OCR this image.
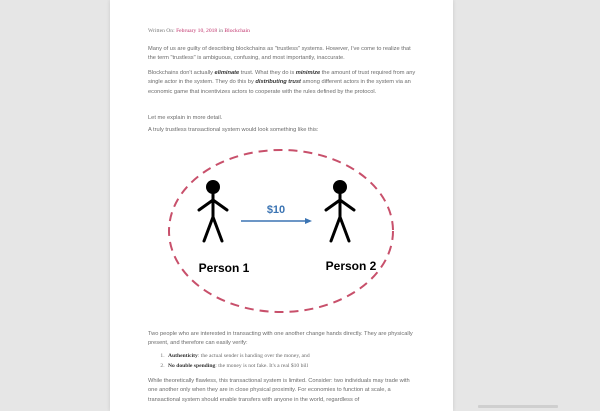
Written On: February 10, 2018 in Blockchain

Many of us are guilty of describing blockchains as "trustless" systems. However, I've come to realize that the term "trustless" is ambiguous, confusing, and most importantly, inaccurate.

Blockchains don't actually eliminate trust. What they do is minimize the amount of trust required from any single actor in the system. They do this by distributing trust among different actors in the system via an economic game that incentivizes actors to cooperate with the rules defined by the protocol.

Let me explain in more detail.

A truly trustless transactional system would look something like this:

$10
Person 1	Person 2

Two people who are interested in transacting with one another change hands directly. They are physically present, and therefore can easily verify:

1. Authenticity: the actual sender is handing over the money, and
2. No double spending: the money is not fake. It's a real $10 bill

While theoretically flawless, this transactional system is limited. Consider: two individuals may trade with one another only when they are in close physical proximity. For economies to function at scale, a transactional system should enable transfers with anyone in the world, regardless of
